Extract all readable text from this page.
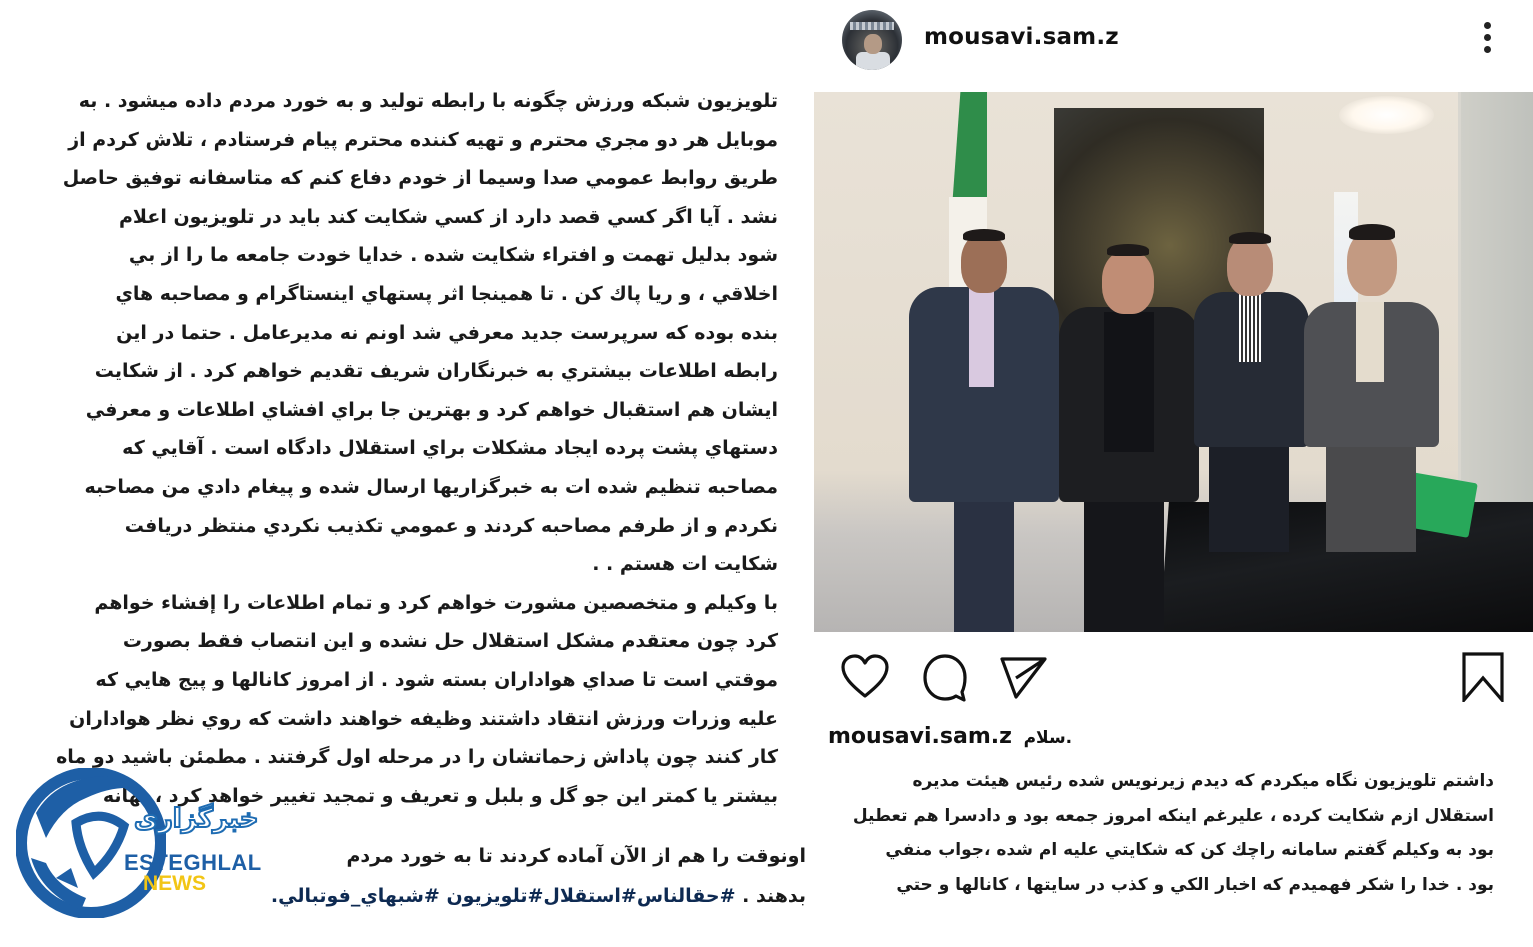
تلويزيون شبكه ورزش چگونه با رابطه توليد و به خورد مردم داده ميشود . به
موبايل هر دو مجري محترم و تهيه كننده محترم پيام فرستادم ، تلاش كردم از
طريق روابط عمومي صدا وسيما از خودم دفاع كنم كه متاسفانه توفيق حاصل
نشد . آيا اگر كسي قصد دارد از كسي شكايت كند بايد در تلويزيون اعلام
شود بدليل تهمت و افتراء شكايت شده . خدايا خودت جامعه ما را از بي
اخلاقي ، و ريا پاك كن . تا همينجا اثر پستهاي اينستاگرام و مصاحبه هاي
بنده بوده كه سرپرست جديد معرفي شد اونم نه مديرعامل . حتما در اين
رابطه اطلاعات بيشتري به خبرنگاران شريف تقديم خواهم كرد . از شكايت
ايشان هم استقبال خواهم كرد و بهترين جا براي افشاي اطلاعات و معرفي
دستهاي پشت پرده ايجاد مشكلات براي استقلال دادگاه است . آقايي كه
مصاحبه تنظيم شده ات به خبرگزاريها ارسال شده و پيغام دادي من مصاحبه
نكردم و از طرفم مصاحبه كردند و عمومي تكذيب نكردي منتظر دريافت
شكايت ات هستم . .
با وكيلم و متخصصين مشورت خواهم كرد و تمام اطلاعات را إفشاء خواهم
كرد چون معتقدم مشكل استقلال حل نشده و اين انتصاب فقط بصورت
موقتي است تا صداي هواداران بسته شود . از امروز كانالها و پيج هايي كه
عليه وزرات ورزش انتقاد داشتند وظيفه خواهند داشت كه روي نظر هواداران
كار كنند چون پاداش زحماتشان را در مرحله اول گرفتند . مطمئن باشيد دو ماه
بيشتر يا كمتر اين جو گل و بلبل و تعريف و تمجيد تغيير خواهد كرد ، بهانه
اونوقت را هم از الآن آماده كردند تا به خورد مردم
بدهند . #حقالناس#استقلال#تلويزيون #شبهاي_فوتبالي.
خبرگزاری
ESTEGHLAL
NEWS
mousavi.sam.z
mousavi.sam.z سلام.
داشتم تلويزيون نگاه ميكردم كه ديدم زيرنويس شده رئيس هيئت مديره
استقلال ازم شكايت كرده ، عليرغم اينكه امروز جمعه بود و دادسرا هم تعطيل
بود به وكيلم گفتم سامانه راچك كن كه شكايتي عليه ام شده ،جواب منفي
بود . خدا را شكر فهميدم كه اخبار الكي و كذب در سايتها ، كانالها و حتي
